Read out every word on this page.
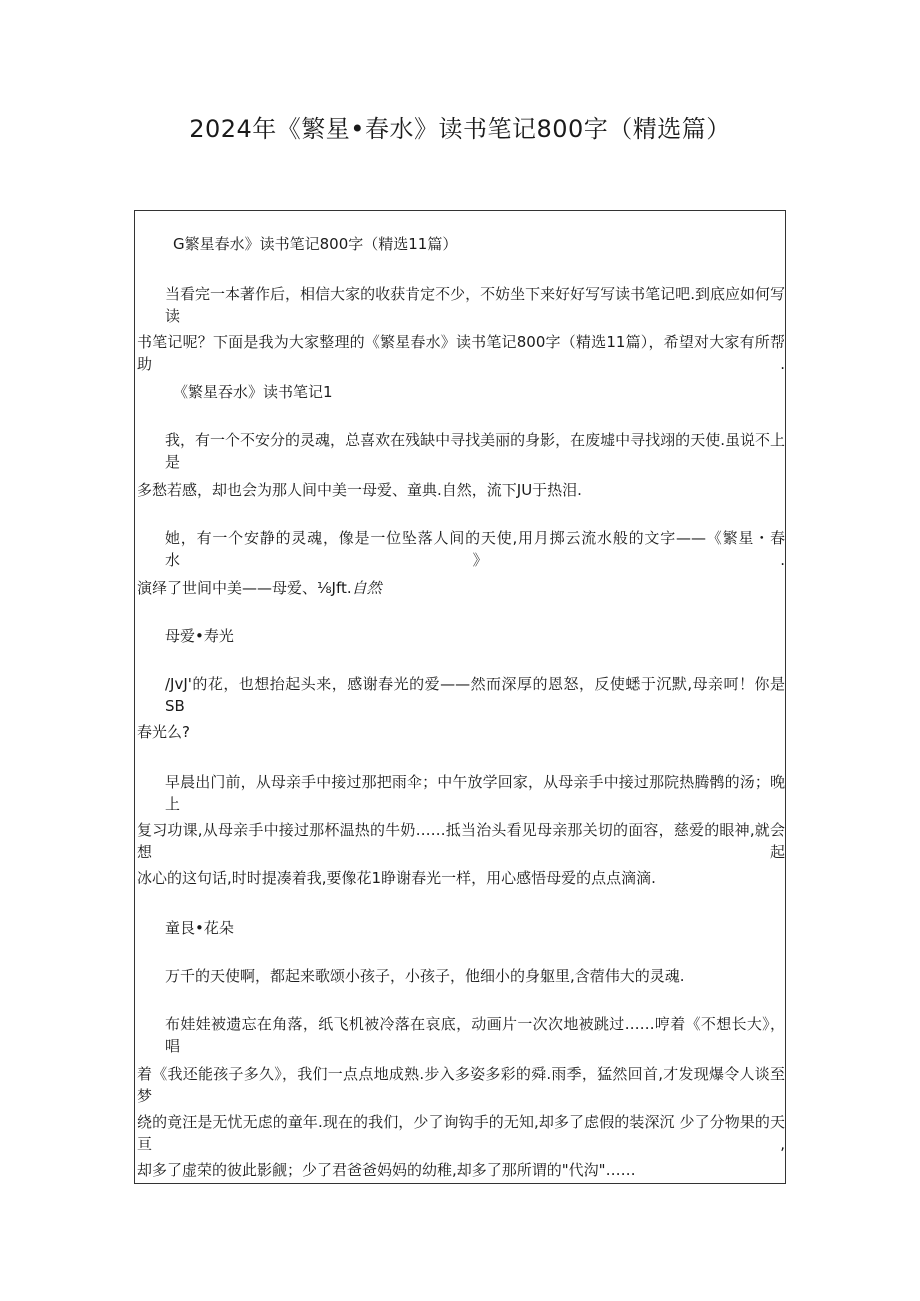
2024年《繁星•春水》读书笔记800字（精选篇）
G繁星春水》读书笔记800字（精选11篇）
当看完一本著作后，相信大家的收获肯定不少，不妨坐下来好好写写读书笔记吧.到底应如何写读
书笔记呢？下面是我为大家整理的《繁星春水》读书笔记800字（精选11篇），希望对大家有所帮助.
《繁星吞水》读书笔记1
我，有一个不安分的灵魂，总喜欢在残缺中寻找美丽的身影，在废墟中寻找翊的天使.虽说不上是
多愁若感，却也会为那人间中美一母爱、童典.自然，流下JU于热泪.
她，有一个安静的灵魂，像是一位坠落人间的天使,用月掷云流水般的文字——《繁星・春水》.
演绎了世间中美——母爱、⅛Jft.自然
母爱•寿光
/JvJ'的花，也想抬起头来，感谢春光的爱——然而深厚的恩怒，反使蟋于沉默,母亲呵！你是SB
春光么?
早晨出门前，从母亲手中接过那把雨伞；中午放学回家，从母亲手中接过那院热腾鹘的汤；晚上
复习功课,从母亲手中接过那杯温热的牛奶……抵当治头看见母亲那关切的面容，慈爱的眼神,就会想起
冰心的这句话,时时提凑着我,要像花1睁谢春光一样，用心感悟母爱的点点滴滴.
童艮•花朵
万千的天使啊，都起来歌颂小孩子，小孩子，他细小的身躯里,含蓿伟大的灵魂.
布娃娃被遗忘在角落，纸飞机被冷落在哀底，动画片一次次地被跳过……哼着《不想长大》，唱
着《我还能孩子多久》，我们一点点地成熟.步入多姿多彩的舜.雨季，猛然回首,才发现爆令人谈至梦
绕的竟汪是无忧无虑的童年.现在的我们，少了询钩手的无知,却多了虑假的装深沉 少了分物果的天亘,
却多了虚荣的彼此影觎；少了君爸爸妈妈的幼稚,却多了那所谓的"代沟"……
